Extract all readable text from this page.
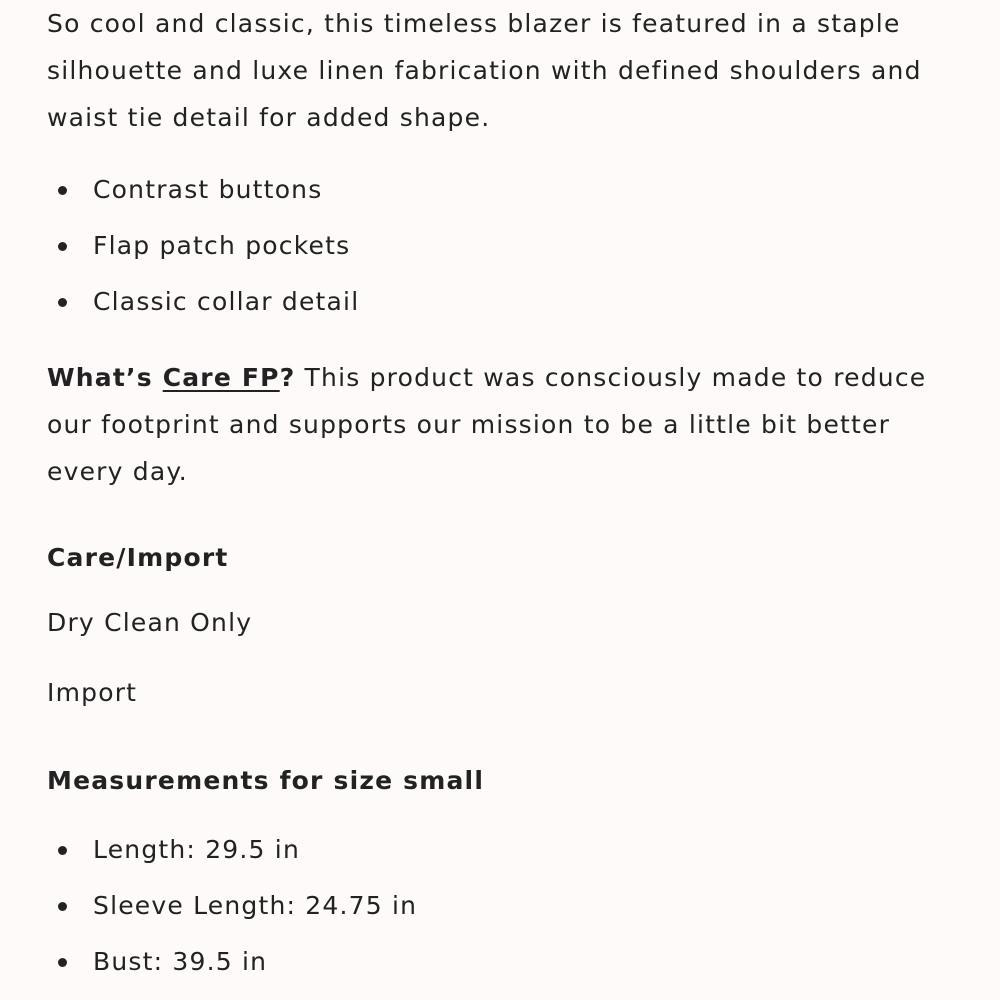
So cool and classic, this timeless blazer is featured in a staple silhouette and luxe linen fabrication with defined shoulders and waist tie detail for added shape.

Contrast buttons
Flap patch pockets
Classic collar detail

What’s Care FP? This product was consciously made to reduce our footprint and supports our mission to be a little bit better every day.

Care/Import

Dry Clean Only

Import

Measurements for size small
Length: 29.5 in
Sleeve Length: 24.75 in
Bust: 39.5 in
